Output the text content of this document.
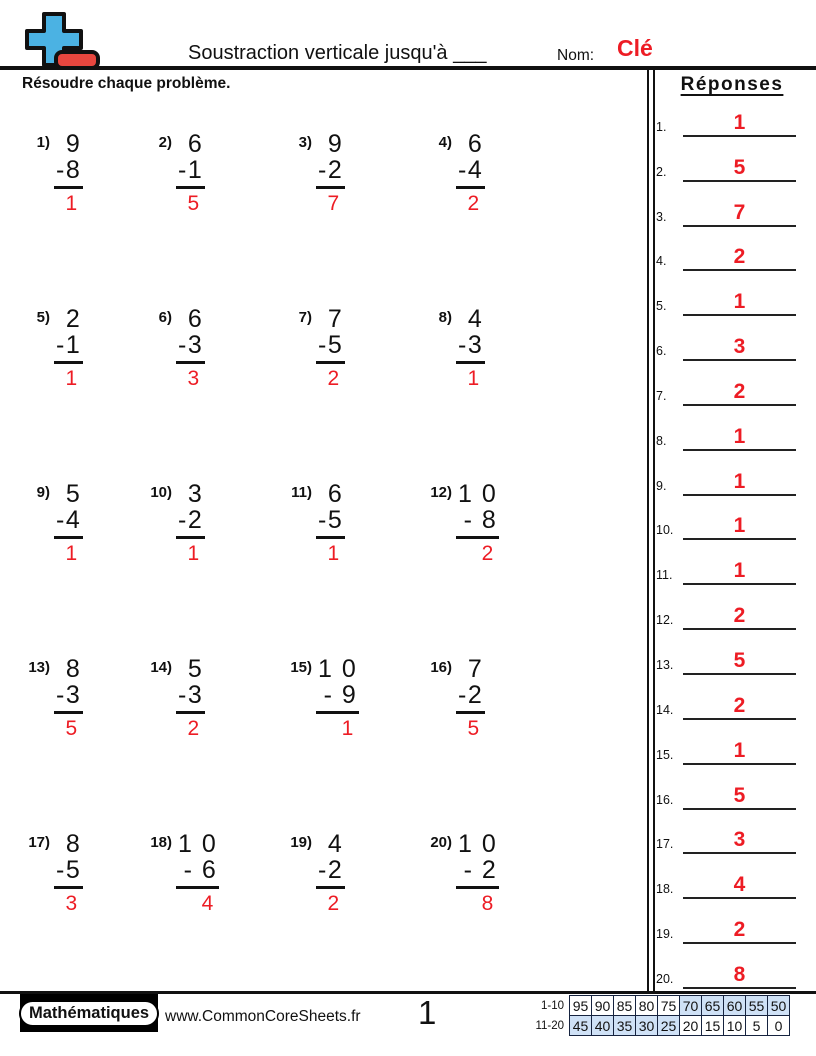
Soustraction verticale jusqu'à ___	Nom: Clé
Résoudre chaque problème.
1) 9
-8
1
2) 6
-1
5
3) 9
-2
7
4) 6
-4
2
5) 2
-1
1
6) 6
-3
3
7) 7
-5
2
8) 4
-3
1
9) 5
-4
1
10) 3
-2
1
11) 6
-5
1
12) 1 0
- 8
2
13) 8
-3
5
14) 5
-3
2
15) 1 0
- 9
1
16) 7
-2
5
17) 8
-5
3
18) 1 0
- 6
4
19) 4
-2
2
20) 1 0
- 2
8
Réponses
1.	1
2.	5
3.	7
4.	2
5.	1
6.	3
7.	2
8.	1
9.	1
10.	1
11.	1
12.	2
13.	5
14.	2
15.	1
16.	5
17.	3
18.	4
19.	2
20.	8
Mathématiques	www.CommonCoreSheets.fr 1	1-10	95	90	85	80	75	70	65	60	55	50
11-20	45	40	35	30	25	20	15	10	5	0
